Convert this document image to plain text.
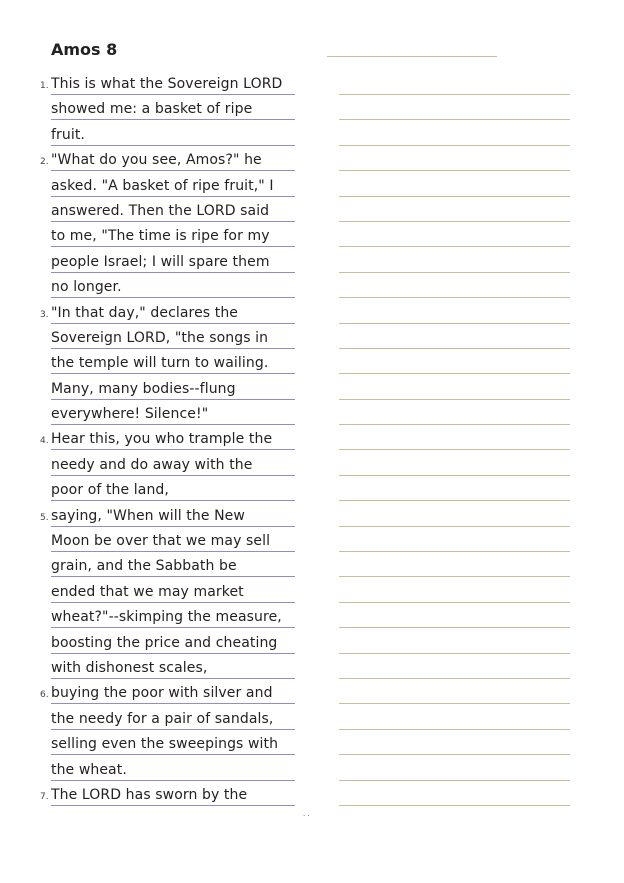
Amos 8
1. This is what the Sovereign LORD
showed me: a basket of ripe
fruit.
2. "What do you see, Amos?" he
asked. "A basket of ripe fruit," I
answered. Then the LORD said
to me, "The time is ripe for my
people Israel; I will spare them
no longer.
3. "In that day," declares the
Sovereign LORD, "the songs in
the temple will turn to wailing.
Many, many bodies--flung
everywhere! Silence!"
4. Hear this, you who trample the
needy and do away with the
poor of the land,
5. saying, "When will the New
Moon be over that we may sell
grain, and the Sabbath be
ended that we may market
wheat?"--skimping the measure,
boosting the price and cheating
with dishonest scales,
6. buying the poor with silver and
the needy for a pair of sandals,
selling even the sweepings with
the wheat.
7. The LORD has sworn by the
· ·
